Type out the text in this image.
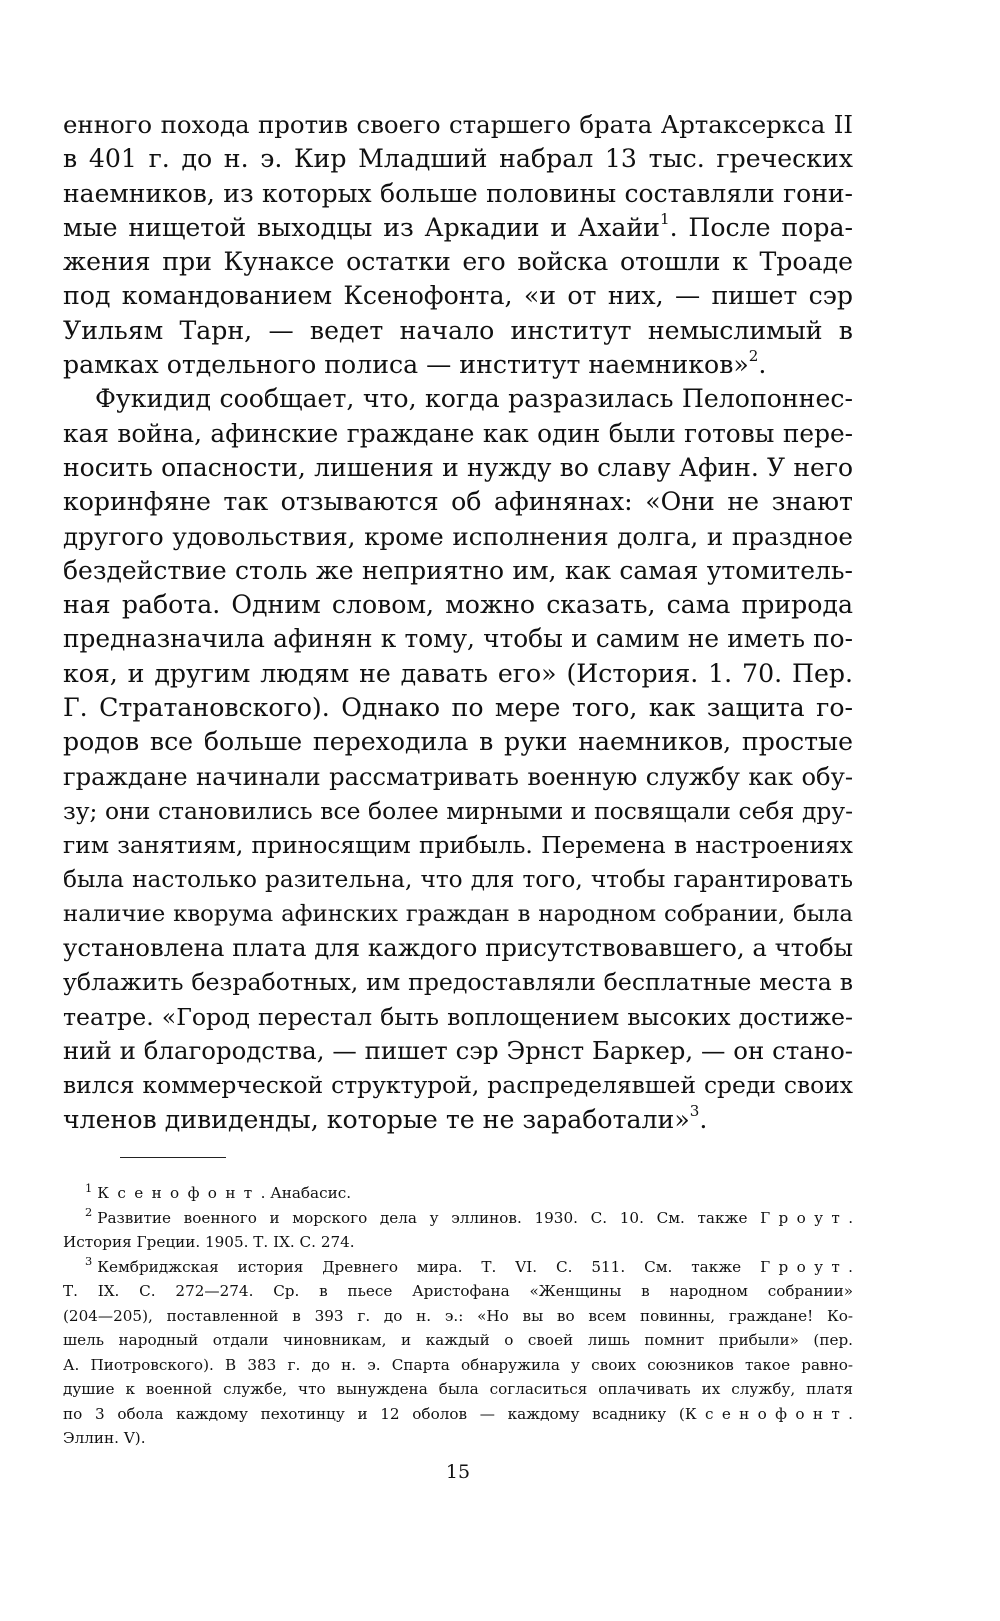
енного похода против своего старшего брата Артаксеркса II
в 401 г. до н. э. Кир Младший набрал 13 тыс. греческих
наемников, из которых больше половины составляли гони-
мые нищетой выходцы из Аркадии и Ахайи$^1$. После пора-
жения при Кунаксе остатки его войска отошли к Троаде
под командованием Ксенофонта, «и от них, — пишет сэр
Уильям Тарн, — ведет начало институт немыслимый в
рамках отдельного полиса — институт наемников»$^2$.
Фукидид сообщает, что, когда разразилась Пелопоннес-
кая война, афинские граждане как один были готовы пере-
носить опасности, лишения и нужду во славу Афин. У него
коринфяне так отзываются об афинянах: «Они не знают
другого удовольствия, кроме исполнения долга, и праздное
бездействие столь же неприятно им, как самая утомитель-
ная работа. Одним словом, можно сказать, сама природа
предназначила афинян к тому, чтобы и самим не иметь по-
коя, и другим людям не давать его» (История. 1. 70. Пер.
Г. Стратановского). Однако по мере того, как защита го-
родов все больше переходила в руки наемников, простые
граждане начинали рассматривать военную службу как обу-
зу; они становились все более мирными и посвящали себя дру-
гим занятиям, приносящим прибыль. Перемена в настроениях
была настолько разительна, что для того, чтобы гарантировать
наличие кворума афинских граждан в народном собрании, была
установлена плата для каждого присутствовавшего, а чтобы
ублажить безработных, им предоставляли бесплатные места в
театре. «Город перестал быть воплощением высоких достиже-
ний и благородства, — пишет сэр Эрнст Баркер, — он стано-
вился коммерческой структурой, распределявшей среди своих
членов дивиденды, которые те не заработали»$^3$.
$^1$ Ксенофонт. Анабасис.
$^2$ Развитие военного и морского дела у эллинов. 1930. С. 10. См. также Гроут.
История Греции. 1905. Т. IX. С. 274.
$^3$ Кембриджская история Древнего мира. Т. VI. С. 511. См. также Гроут.
Т. IX. С. 272—274. Ср. в пьесе Аристофана «Женщины в народном собрании»
(204—205), поставленной в 393 г. до н. э.: «Но вы во всем повинны, граждане! Ко-
шель народный отдали чиновникам, и каждый о своей лишь помнит прибыли» (пер.
А. Пиотровского). В 383 г. до н. э. Спарта обнаружила у своих союзников такое равно-
душие к военной службе, что вынуждена была согласиться оплачивать их службу, платя
по 3 обола каждому пехотинцу и 12 оболов — каждому всаднику (Ксенофонт.
Эллин. V).
15
